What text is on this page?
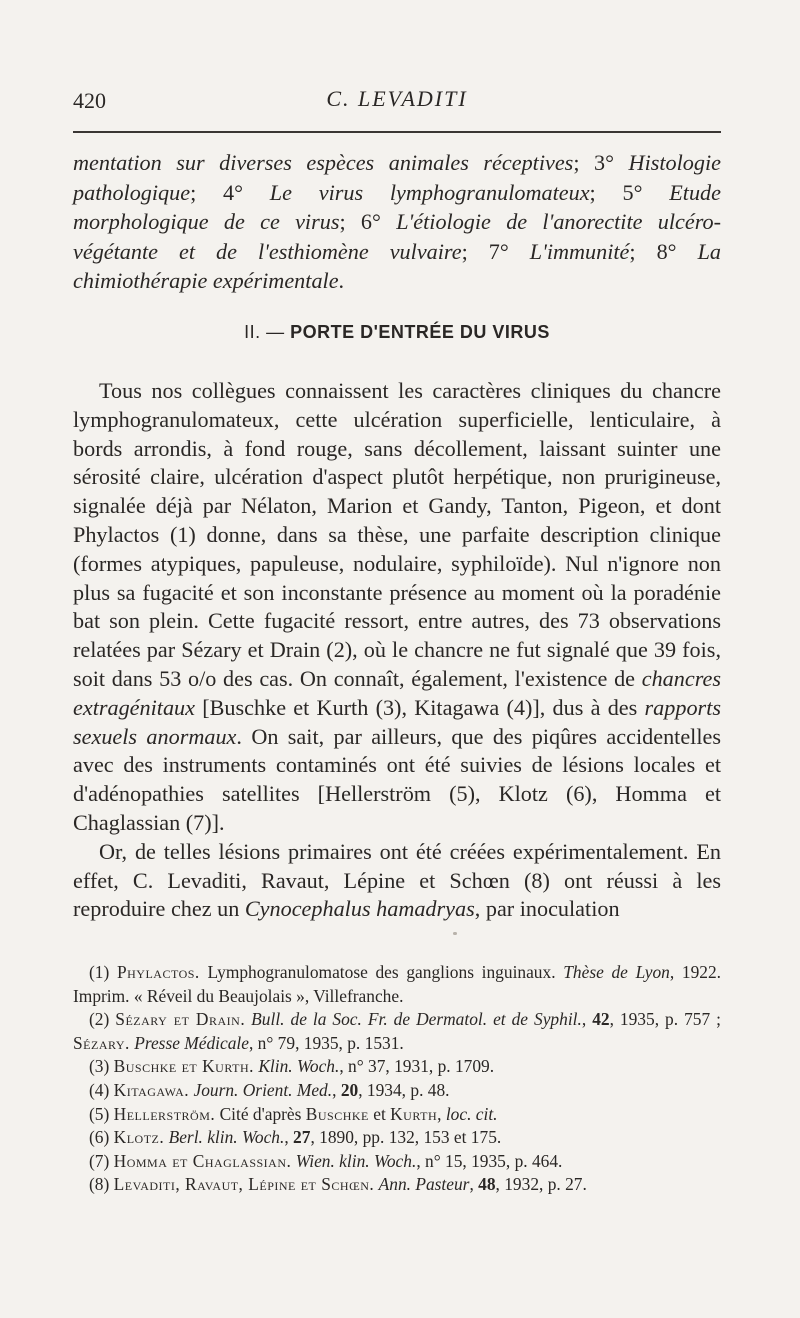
420	C. LEVADITI
mentation sur diverses espèces animales réceptives; 3° Histologie pathologique; 4° Le virus lymphogranulomateux; 5° Etude morphologique de ce virus; 6° L'étiologie de l'anorectite ulcéro-végétante et de l'esthiomène vulvaire; 7° L'immunité; 8° La chimiothérapie expérimentale.
II. — PORTE D'ENTRÉE DU VIRUS

Tous nos collègues connaissent les caractères cliniques du chancre lymphogranulomateux, cette ulcération superficielle, lenticulaire, à bords arrondis, à fond rouge, sans décollement, laissant suinter une sérosité claire, ulcération d'aspect plutôt herpétique, non prurigineuse, signalée déjà par Nélaton, Marion et Gandy, Tanton, Pigeon, et dont Phylactos (1) donne, dans sa thèse, une parfaite description clinique (formes atypiques, papuleuse, nodulaire, syphiloïde). Nul n'ignore non plus sa fugacité et son inconstante présence au moment où la poradénie bat son plein. Cette fugacité ressort, entre autres, des 73 observations relatées par Sézary et Drain (2), où le chancre ne fut signalé que 39 fois, soit dans 53 o/o des cas. On connaît, également, l'existence de chancres extragénitaux [Buschke et Kurth (3), Kitagawa (4)], dus à des rapports sexuels anormaux. On sait, par ailleurs, que des piqûres accidentelles avec des instruments contaminés ont été suivies de lésions locales et d'adénopathies satellites [Hellerström (5), Klotz (6), Homma et Chaglassian (7)].

Or, de telles lésions primaires ont été créées expérimentalement. En effet, C. Levaditi, Ravaut, Lépine et Schœn (8) ont réussi à les reproduire chez un Cynocephalus hamadryas, par inoculation

(1) Phylactos. Lymphogranulomatose des ganglions inguinaux. Thèse de Lyon, 1922. Imprim. « Réveil du Beaujolais », Villefranche.

(2) Sézary et Drain. Bull. de la Soc. Fr. de Dermatol. et de Syphil., 42, 1935, p. 757 ; Sézary. Presse Médicale, n° 79, 1935, p. 1531.

(3) Buschke et Kurth. Klin. Woch., n° 37, 1931, p. 1709.

(4) Kitagawa. Journ. Orient. Med., 20, 1934, p. 48.

(5) Hellerström. Cité d'après Buschke et Kurth, loc. cit.

(6) Klotz. Berl. klin. Woch., 27, 1890, pp. 132, 153 et 175.

(7) Homma et Chaglassian. Wien. klin. Woch., n° 15, 1935, p. 464.

(8) Levaditi, Ravaut, Lépine et Schœn. Ann. Pasteur, 48, 1932, p. 27.
